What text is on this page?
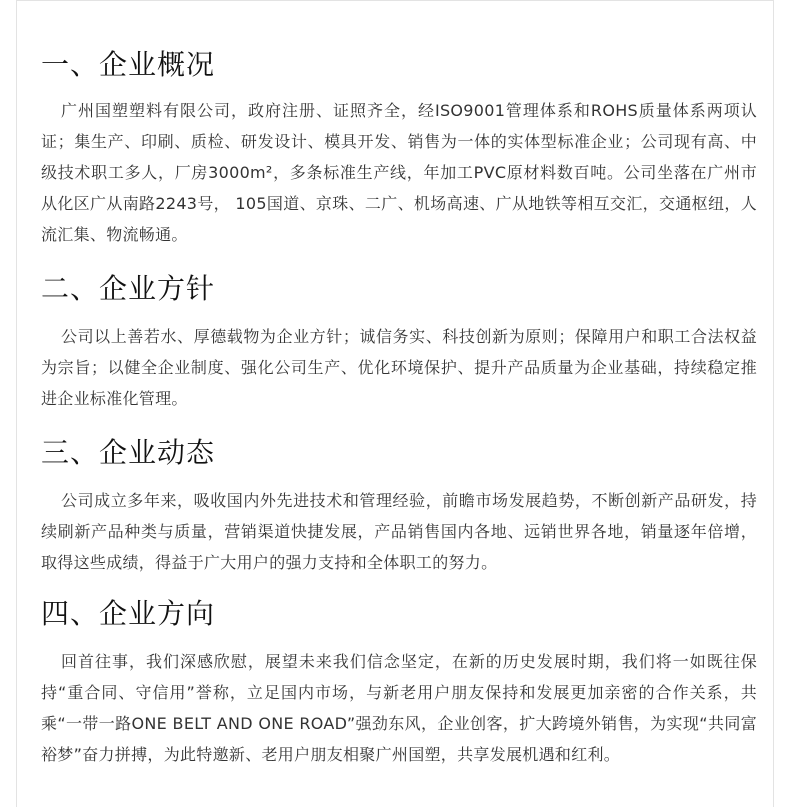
一、企业概况

广州国塑塑料有限公司，政府注册、证照齐全，经ISO9001管理体系和ROHS质量体系两项认证；集生产、印刷、质检、研发设计、模具开发、销售为一体的实体型标准企业；公司现有高、中级技术职工多人，厂房3000m²，多条标准生产线，年加工PVC原材料数百吨。公司坐落在广州市从化区广从南路2243号， 105国道、京珠、二广、机场高速、广从地铁等相互交汇，交通枢纽，人流汇集、物流畅通。

二、企业方针

公司以上善若水、厚德载物为企业方针；诚信务实、科技创新为原则；保障用户和职工合法权益为宗旨；以健全企业制度、强化公司生产、优化环境保护、提升产品质量为企业基础，持续稳定推进企业标准化管理。

三、企业动态

公司成立多年来，吸收国内外先进技术和管理经验，前瞻市场发展趋势，不断创新产品研发，持续刷新产品种类与质量，营销渠道快捷发展，产品销售国内各地、远销世界各地，销量逐年倍增，取得这些成绩，得益于广大用户的强力支持和全体职工的努力。

四、企业方向

回首往事，我们深感欣慰，展望未来我们信念坚定，在新的历史发展时期，我们将一如既往保持“重合同、守信用”誉称，立足国内市场，与新老用户朋友保持和发展更加亲密的合作关系，共乘“一带一路ONE BELT AND ONE ROAD”强劲东风，企业创客，扩大跨境外销售，为实现“共同富裕梦”奋力拼搏，为此特邀新、老用户朋友相聚广州国塑，共享发展机遇和红利。
